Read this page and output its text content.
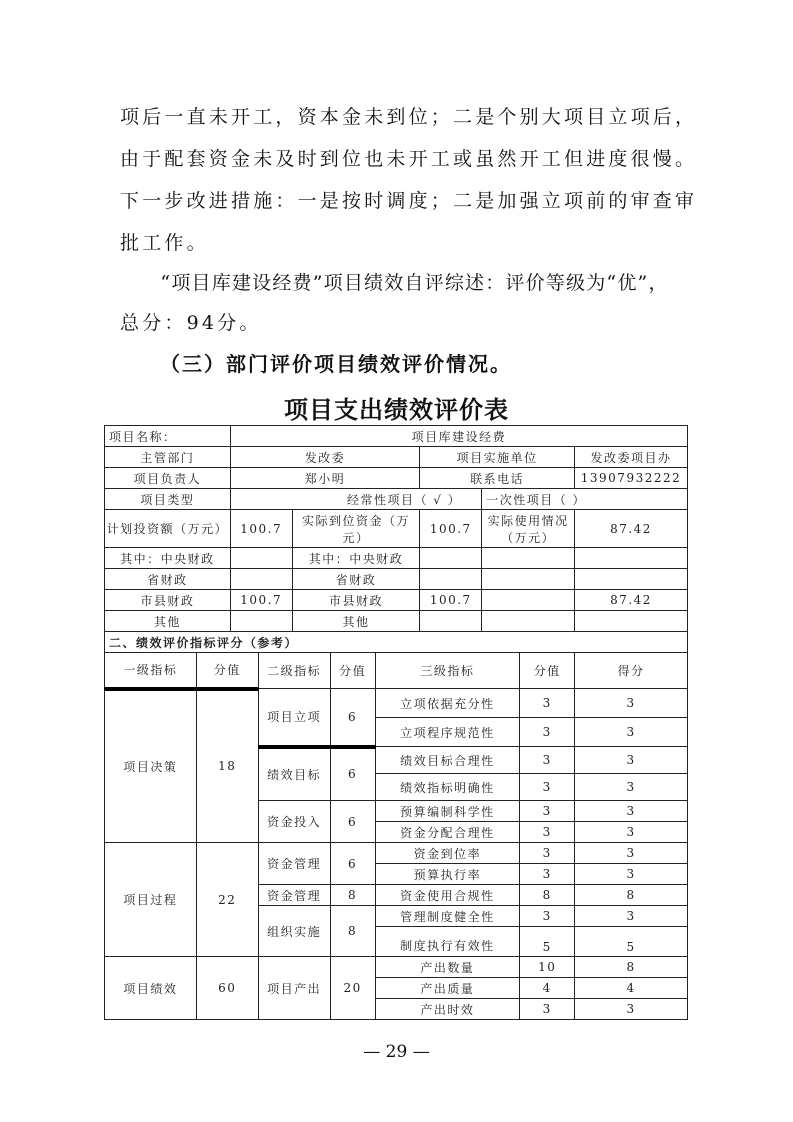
项后一直未开工，资本金未到位；二是个别大项目立项后，
由于配套资金未及时到位也未开工或虽然开工但进度很慢。
下一步改进措施：一是按时调度；二是加强立项前的审查审
批工作。
　　“项目库建设经费”项目绩效自评综述：评价等级为“优”，
总分：94分。
（三）部门评价项目绩效评价情况。
项目支出绩效评价表
项目名称：	项目库建设经费				
主管部门	发改委		项目实施单位		发改委项目办
项目负责人	郑小明		联系电话		13907932222
项目类型	经常性项目（ √ ）			一次性项目（ ）	
计划投资额（万元）	100.7	实际到位资金（万元）	100.7	实际使用情况（万元）	87.42
其中：中央财政		其中：中央财政			
省财政		省财政			
市县财政	100.7	市县财政	100.7		87.42
其他		其他			
二、绩效评价指标评分（参考）					
一级指标	分值	二级指标	分值	三级指标	分值	得分
项目决策	18	项目立项	6	立项依据充分性	3	3
				立项程序规范性	3	3
		绩效目标	6	绩效目标合理性	3	3
				绩效指标明确性	3	3
		资金投入	6	预算编制科学性	3	3
				资金分配合理性	3	3
项目过程	22	资金管理	6	资金到位率	3	3
				预算执行率	3	3
		资金管理	8	资金使用合规性	8	8
		组织实施	8	管理制度健全性	3	3
				制度执行有效性	5	5
项目绩效	60	项目产出	20	产出数量	10	8
				产出质量	4	4
				产出时效	3	3
— 29 —
